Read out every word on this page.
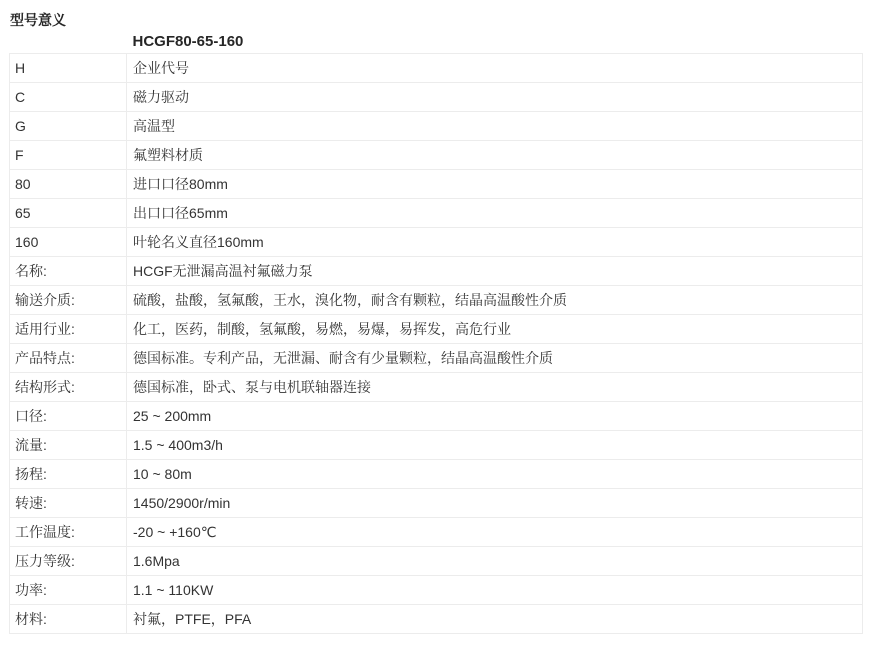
型号意义
	HCGF80-65-160
H	企业代号
C	磁力驱动
G	高温型
F	氟塑料材质
80	进口口径80mm
65	出口口径65mm
160	叶轮名义直径160mm
名称:	HCGF无泄漏高温衬氟磁力泵
输送介质:	硫酸，盐酸，氢氟酸，王水，溴化物，耐含有颗粒，结晶高温酸性介质
适用行业:	化工，医药，制酸，氢氟酸，易燃，易爆，易挥发，高危行业
产品特点:	德国标准。专利产品，无泄漏、耐含有少量颗粒，结晶高温酸性介质
结构形式:	德国标准，卧式、泵与电机联轴器连接
口径:	25 ~ 200mm
流量:	1.5 ~ 400m3/h
扬程:	10 ~ 80m
转速:	1450/2900r/min
工作温度:	-20 ~ +160℃
压力等级:	1.6Mpa
功率:	1.1 ~ 110KW
材料:	衬氟，PTFE，PFA
